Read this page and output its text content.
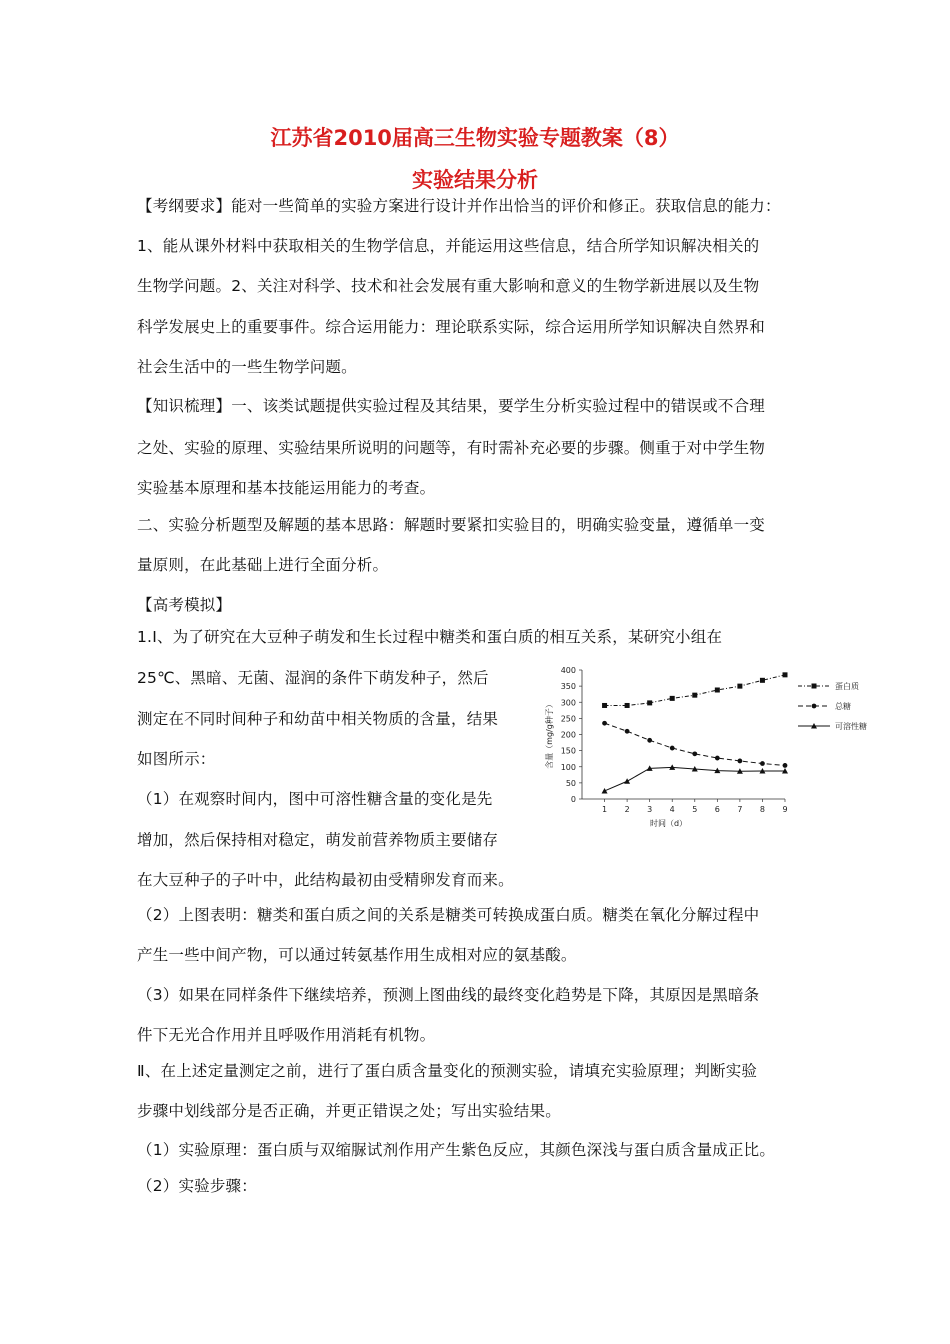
江苏省2010届高三生物实验专题教案（8）
实验结果分析
【考纲要求】能对一些简单的实验方案进行设计并作出恰当的评价和修正。获取信息的能力：
1、能从课外材料中获取相关的生物学信息，并能运用这些信息，结合所学知识解决相关的
生物学问题。2、关注对科学、技术和社会发展有重大影响和意义的生物学新进展以及生物
科学发展史上的重要事件。综合运用能力：理论联系实际，综合运用所学知识解决自然界和
社会生活中的一些生物学问题。
【知识梳理】一、该类试题提供实验过程及其结果，要学生分析实验过程中的错误或不合理
之处、实验的原理、实验结果所说明的问题等，有时需补充必要的步骤。侧重于对中学生物
实验基本原理和基本技能运用能力的考查。
二、实验分析题型及解题的基本思路：解题时要紧扣实验目的，明确实验变量，遵循单一变
量原则，在此基础上进行全面分析。
【高考模拟】
1.Ⅰ、为了研究在大豆种子萌发和生长过程中糖类和蛋白质的相互关系，某研究小组在
25℃、黑暗、无菌、湿润的条件下萌发种子，然后
测定在不同时间种子和幼苗中相关物质的含量，结果
如图所示：
（1）在观察时间内，图中可溶性糖含量的变化是先
增加，然后保持相对稳定，萌发前营养物质主要储存
在大豆种子的子叶中，此结构最初由受精卵发育而来。
（2）上图表明：糖类和蛋白质之间的关系是糖类可转换成蛋白质。糖类在氧化分解过程中
产生一些中间产物，可以通过转氨基作用生成相对应的氨基酸。
（3）如果在同样条件下继续培养，预测上图曲线的最终变化趋势是下降，其原因是黑暗条
件下无光合作用并且呼吸作用消耗有机物。
Ⅱ、在上述定量测定之前，进行了蛋白质含量变化的预测实验，请填充实验原理；判断实验
步骤中划线部分是否正确，并更正错误之处；写出实验结果。
（1）实验原理：蛋白质与双缩脲试剂作用产生紫色反应，其颜色深浅与蛋白质含量成正比。
（2）实验步骤：
0
50
100
150
200
250
300
350
400
1 2 3 4 5 6 7 8 9
时间（d）
含量（mg/g种子）
蛋白质
总糖
可溶性糖
